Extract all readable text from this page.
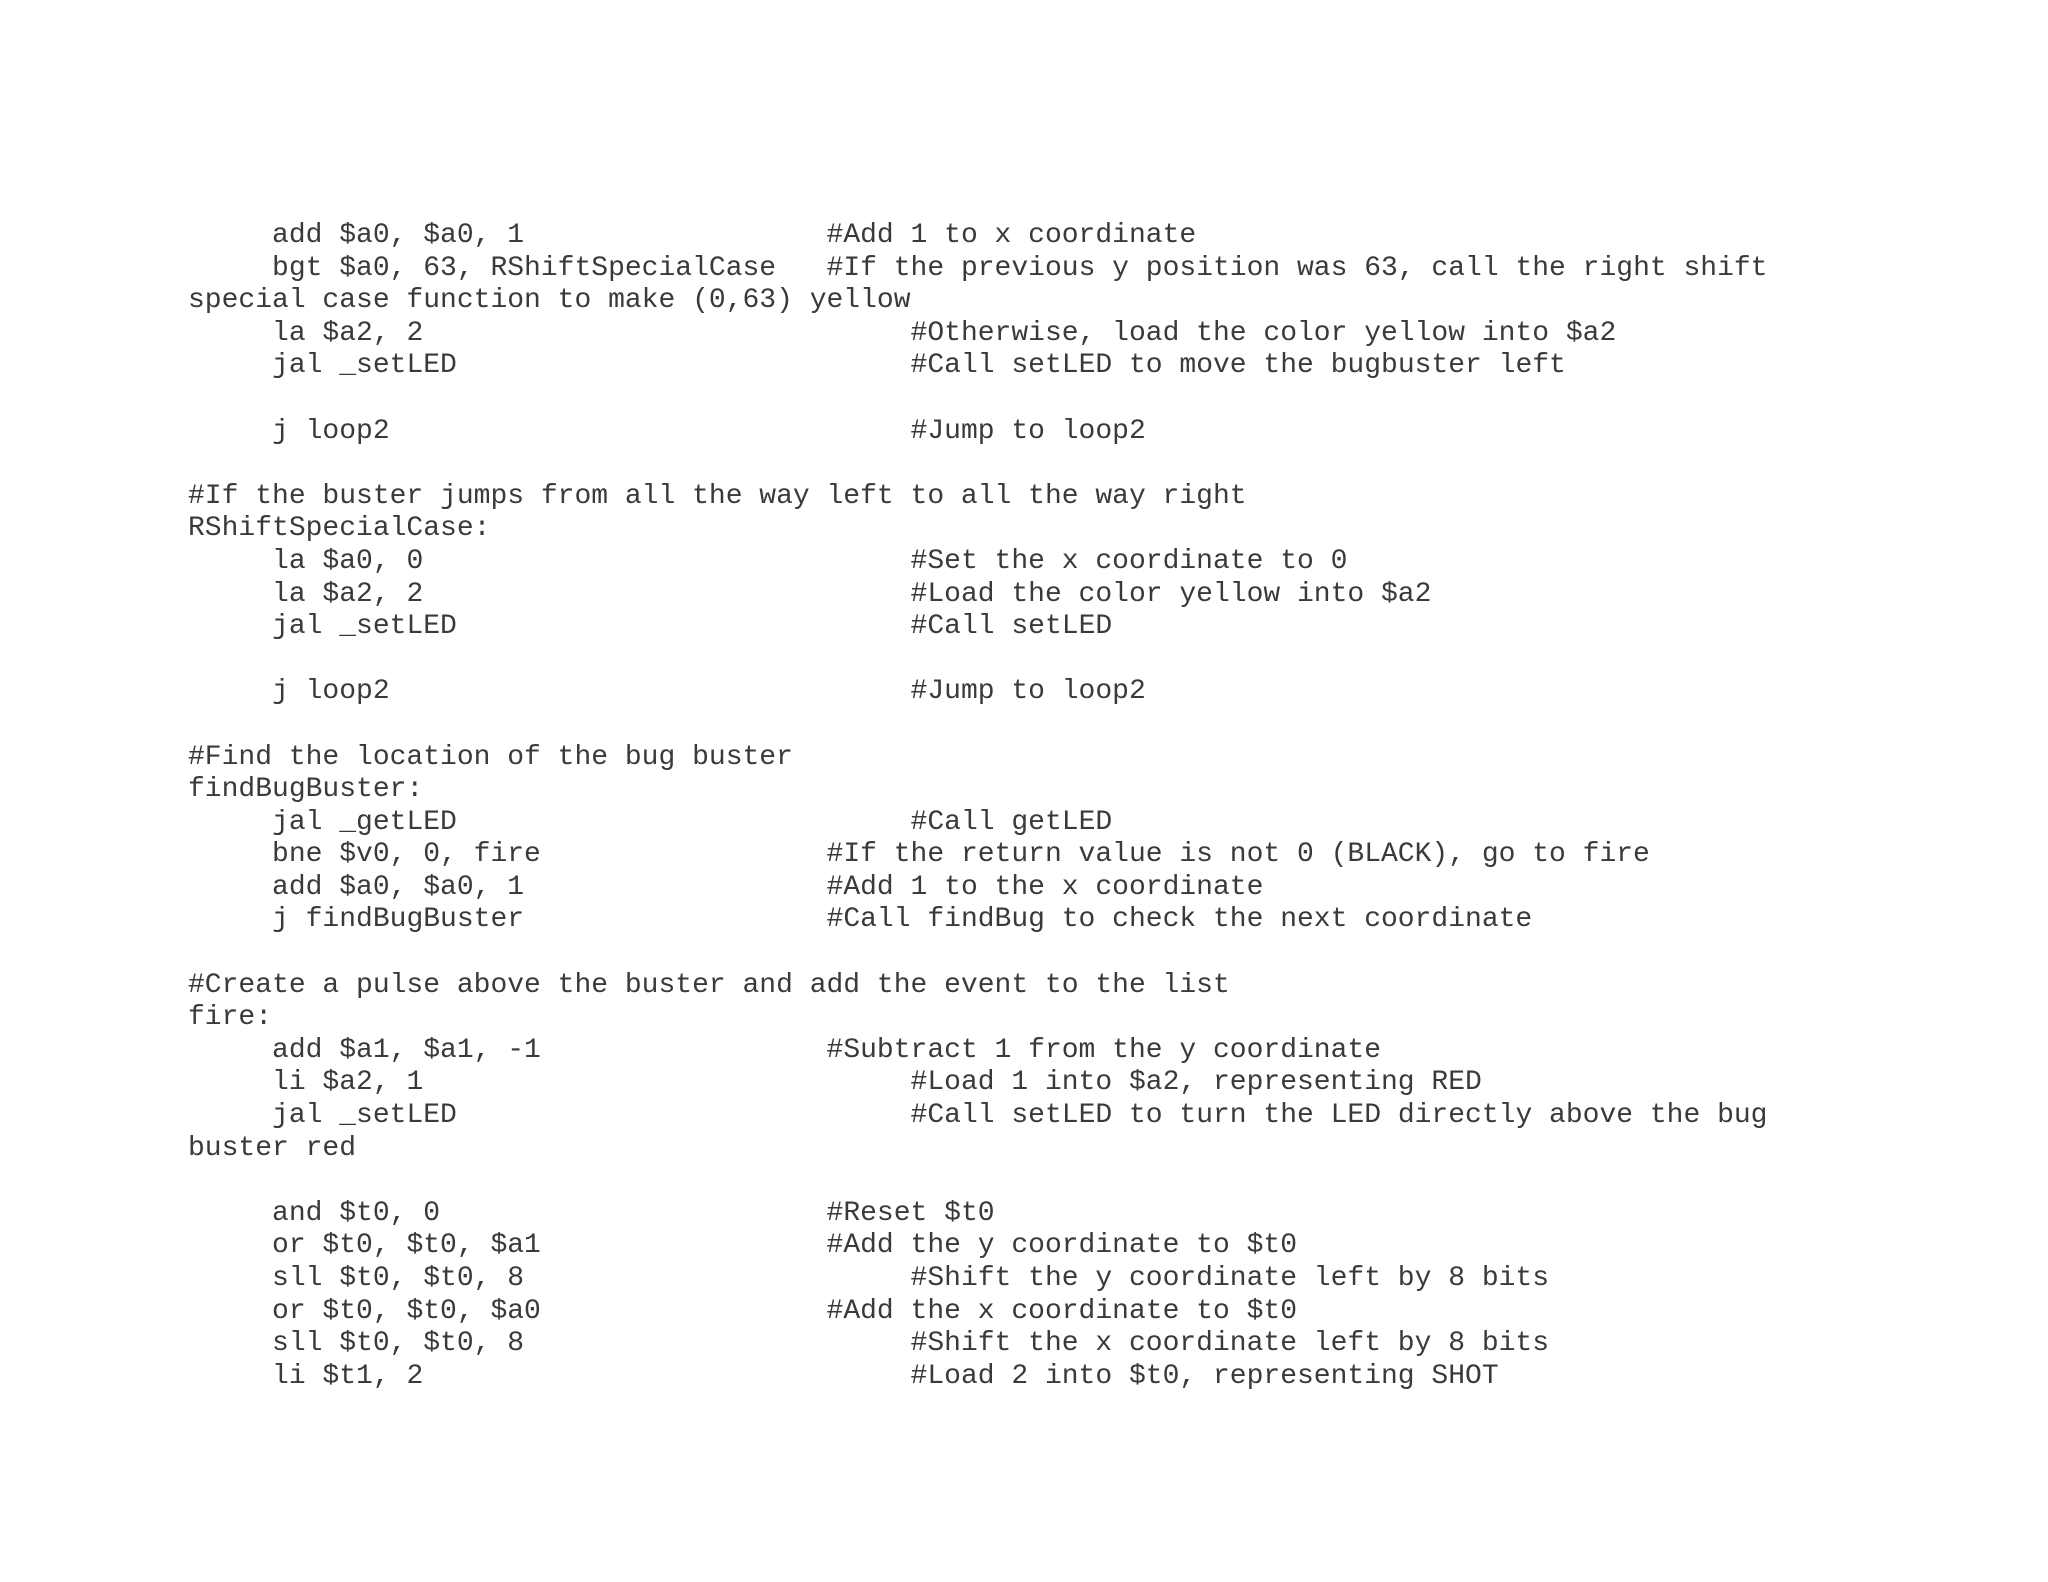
add $a0, $a0, 1	#Add 1 to x coordinate
bgt $a0, 63, RShiftSpecialCase #If the previous y position was 63, call the right shift
special case function to make (0,63) yellow
la $a2, 2	#Otherwise, load the color yellow into $a2
jal _setLED	#Call setLED to move the bugbuster left

j loop2	#Jump to loop2

#If the buster jumps from all the way left to all the way right
RShiftSpecialCase:
la $a0, 0	#Set the x coordinate to 0
la $a2, 2	#Load the color yellow into $a2
jal _setLED	#Call setLED

j loop2	#Jump to loop2

#Find the location of the bug buster
findBugBuster:
jal _getLED	#Call getLED
bne $v0, 0, fire	#If the return value is not 0 (BLACK), go to fire
add $a0, $a0, 1	#Add 1 to the x coordinate
j findBugBuster	#Call findBug to check the next coordinate

#Create a pulse above the buster and add the event to the list
fire:
add $a1, $a1, -1	#Subtract 1 from the y coordinate
li $a2, 1	#Load 1 into $a2, representing RED
jal _setLED	#Call setLED to turn the LED directly above the bug
buster red

and $t0, 0	#Reset $t0
or $t0, $t0, $a1	#Add the y coordinate to $t0
sll $t0, $t0, 8	#Shift the y coordinate left by 8 bits
or $t0, $t0, $a0	#Add the x coordinate to $t0
sll $t0, $t0, 8	#Shift the x coordinate left by 8 bits
li $t1, 2	#Load 2 into $t0, representing SHOT
